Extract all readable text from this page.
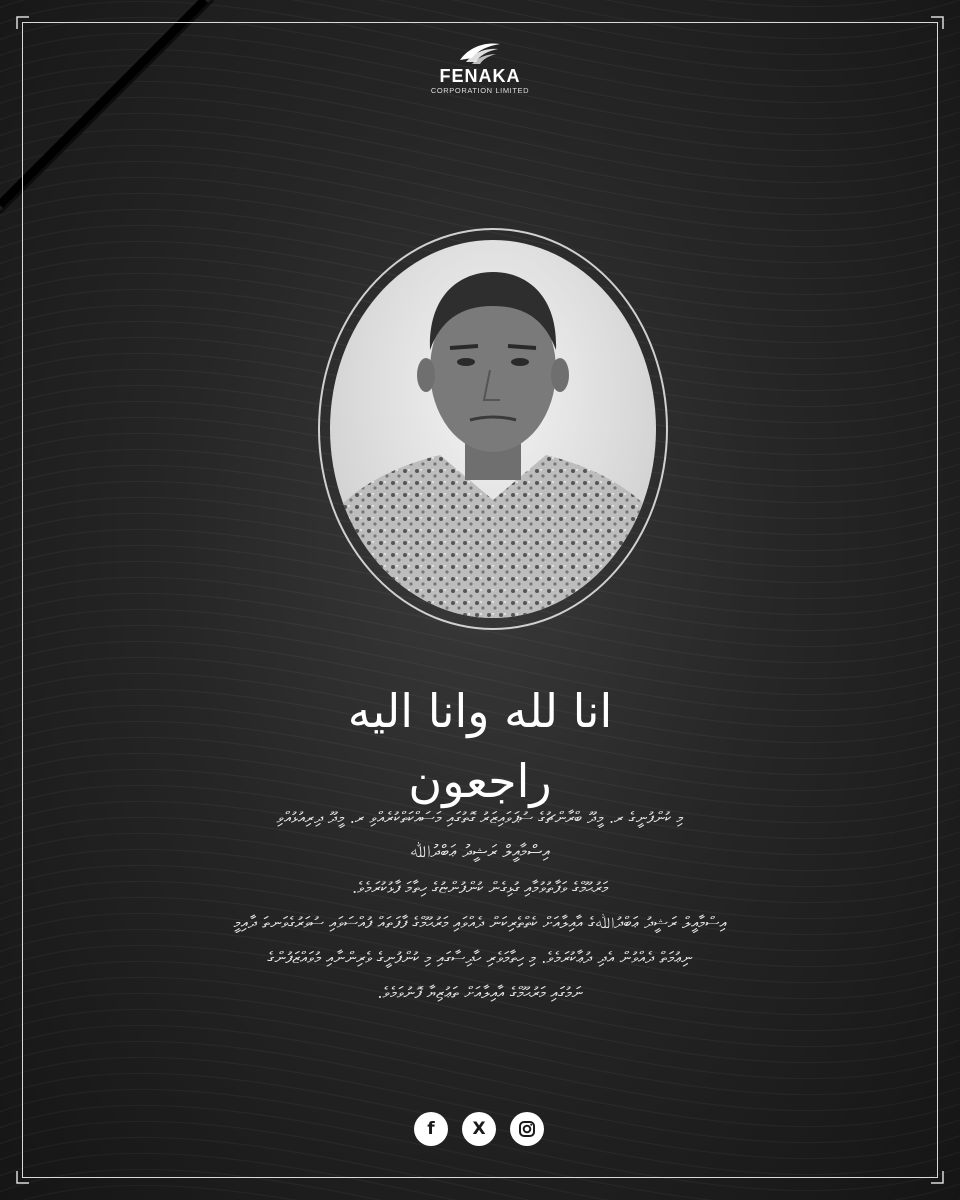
FENAKA
CORPORATION LIMITED
انا لله وانا اليه راجعون
މި ކުންފުނީގެ ރ. މީދޫ ބްރާންޗުގެ ސުޕަވައިޒަރު ގޮތުގައި މަސައްކަތްކުރެއްވި ރ. މީދޫ ދިރިއުޅުއްވި
އިސްމާއީލް ރަޝީދު ޢަބްދުﷲ
މަރުޙޫމްގެ ވަފާތުވުމާއި ގުޅިގެން ކުންފުންޏުގެ ހިތާމަ ފާޅުކުރަމެވެ.
އިސްމާއީލް ރަޝީދު ޢަބްދުﷲގެ އާއިލާއަށް ކެތްތެރިކަން ދެއްވައި މަރުޙޫމްގެ ފާފަތައް ފުއްސަވައި ސުވަރުގެވަނތަ ދާއިމީ
ނިޢުމަތް ދެއްވުން އެދި ދުޢާކުރަމެވެ. މި ހިތާމަވެރި ހާދިސާގައި މި ކުންފުނީގެ ވެރިންނާއި މުވައްޒަފުންގެ
ނަމުގައި މަރުޙޫމްގެ އާއިލާއަށް ތަޢުޒިޔާ ފޮނުވަމެވެ.
f	X
